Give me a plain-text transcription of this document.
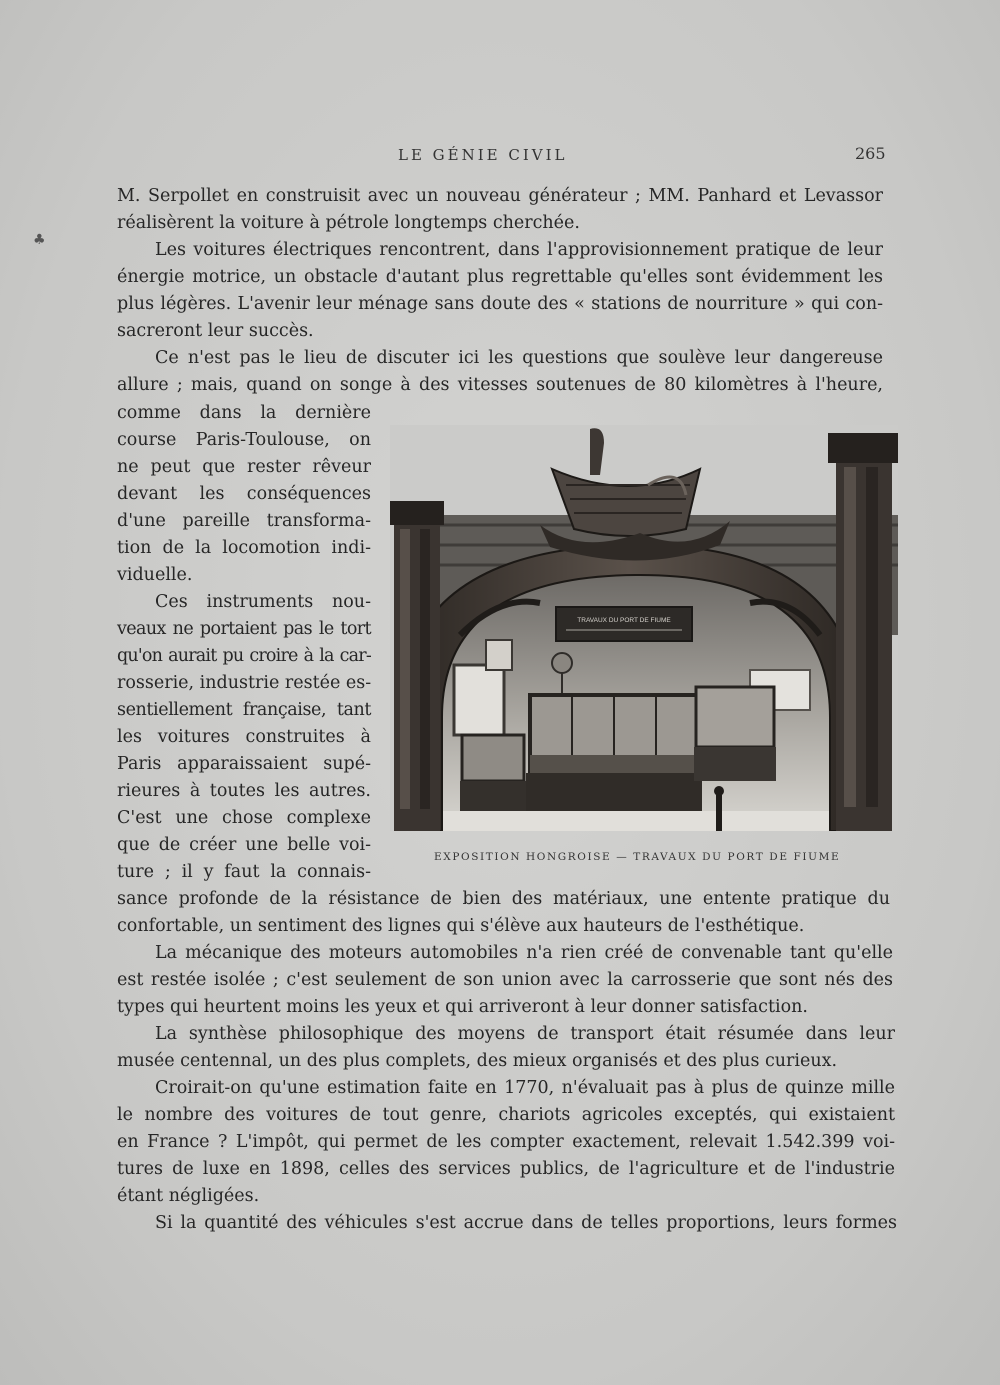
LE GÉNIE CIVIL	265
♣
M. Serpollet en construisit avec un nouveau générateur ; MM. Panhard et Levassor
réalisèrent la voiture à pétrole longtemps cherchée.
Les voitures électriques rencontrent, dans l'approvisionnement pratique de leur
énergie motrice, un obstacle d'autant plus regrettable qu'elles sont évidemment les
plus légères. L'avenir leur ménage sans doute des « stations de nourriture » qui con-
sacreront leur succès.
Ce n'est pas le lieu de discuter ici les questions que soulève leur dangereuse
allure ; mais, quand on songe à des vitesses soutenues de 80 kilomètres à l'heure,
comme dans la dernière
course Paris-Toulouse, on
ne peut que rester rêveur
devant les conséquences
d'une pareille transforma-
tion de la locomotion indi-
viduelle.
Ces instruments nou-
veaux ne portaient pas le tort
qu'on aurait pu croire à la car-
rosserie, industrie restée es-
sentiellement française, tant
les voitures construites à
Paris apparaissaient supé-
rieures à toutes les autres.
C'est une chose complexe
que de créer une belle voi-
ture ; il y faut la connais-
sance profonde de la résistance de bien des matériaux, une entente pratique du
confortable, un sentiment des lignes qui s'élève aux hauteurs de l'esthétique.
La mécanique des moteurs automobiles n'a rien créé de convenable tant qu'elle
est restée isolée ; c'est seulement de son union avec la carrosserie que sont nés des
types qui heurtent moins les yeux et qui arriveront à leur donner satisfaction.
La synthèse philosophique des moyens de transport était résumée dans leur
musée centennal, un des plus complets, des mieux organisés et des plus curieux.
Croirait-on qu'une estimation faite en 1770, n'évaluait pas à plus de quinze mille
le nombre des voitures de tout genre, chariots agricoles exceptés, qui existaient
en France ? L'impôt, qui permet de les compter exactement, relevait 1.542.399 voi-
tures de luxe en 1898, celles des services publics, de l'agriculture et de l'industrie
étant négligées.
Si la quantité des véhicules s'est accrue dans de telles proportions, leurs formes
TRAVAUX DU PORT DE FIUME
EXPOSITION HONGROISE — TRAVAUX DU PORT DE FIUME
